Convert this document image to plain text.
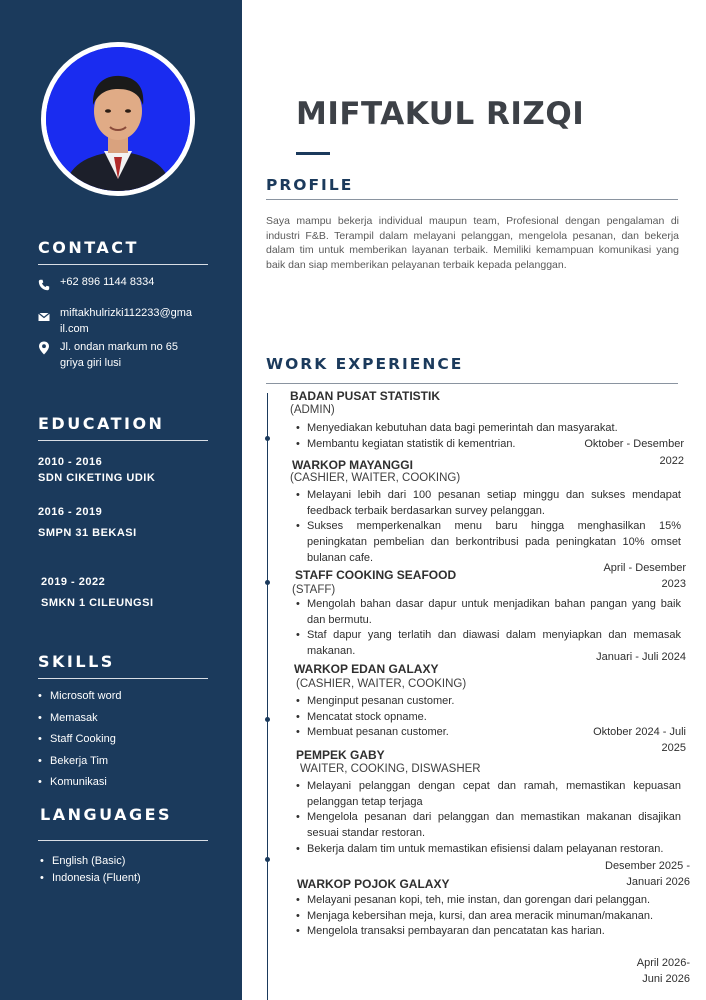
CONTACT
+62 896 1144 8334
miftakhulrizki112233@gma
il.com
Jl. ondan markum no 65
griya giri lusi
EDUCATION
2010 - 2016
SDN CIKETING UDIK
2016 - 2019
SMPN 31 BEKASI
2019 - 2022
SMKN 1 CILEUNGSI
SKILLS
• Microsoft word
• Memasak
• Staff Cooking
• Bekerja Tim
• Komunikasi
LANGUAGES
• English (Basic)
• Indonesia (Fluent)
MIFTAKUL RIZQI
PROFILE

Saya mampu bekerja individual maupun team, Profesional dengan pengalaman di industri F&B. Terampil dalam melayani pelanggan, mengelola pesanan, dan bekerja dalam tim untuk memberikan layanan terbaik. Memiliki kemampuan komunikasi yang baik dan siap memberikan pelayanan terbaik kepada pelanggan.

WORK EXPERIENCE
BADAN PUSAT STATISTIK
(ADMIN)
• Menyediakan kebutuhan data bagi pemerintah dan masyarakat.
• Membantu kegiatan statistik di kementrian.	Oktober - Desember
2022
WARKOP MAYANGGI
(CASHIER, WAITER, COOKING)
• Melayani lebih dari 100 pesanan setiap minggu dan sukses mendapat feedback terbaik berdasarkan survey pelanggan.
• Sukses memperkenalkan menu baru hingga menghasilkan 15% peningkatan pembelian dan berkontribusi pada peningkatan 10% omset bulanan cafe.
April - Desember
2023
STAFF COOKING SEAFOOD
(STAFF)
• Mengolah bahan dasar dapur untuk menjadikan bahan pangan yang baik dan bermutu.
• Staf dapur yang terlatih dan diawasi dalam menyiapkan dan memasak makanan.	Januari - Juli 2024
WARKOP EDAN GALAXY
(CASHIER, WAITER, COOKING)
• Menginput pesanan customer.
• Mencatat stock opname.
• Membuat pesanan customer.	Oktober 2024 - Juli
2025
PEMPEK GABY
WAITER, COOKING, DISWASHER
• Melayani pelanggan dengan cepat dan ramah, memastikan kepuasan pelanggan tetap terjaga
• Mengelola pesanan dari pelanggan dan memastikan makanan disajikan sesuai standar restoran.
• Bekerja dalam tim untuk memastikan efisiensi dalam pelayanan restoran.
Desember 2025 -
Januari 2026
WARKOP POJOK GALAXY
• Melayani pesanan kopi, teh, mie instan, dan gorengan dari pelanggan.
• Menjaga kebersihan meja, kursi, dan area meracik minuman/makanan.
• Mengelola transaksi pembayaran dan pencatatan kas harian.
April 2026-
Juni 2026
